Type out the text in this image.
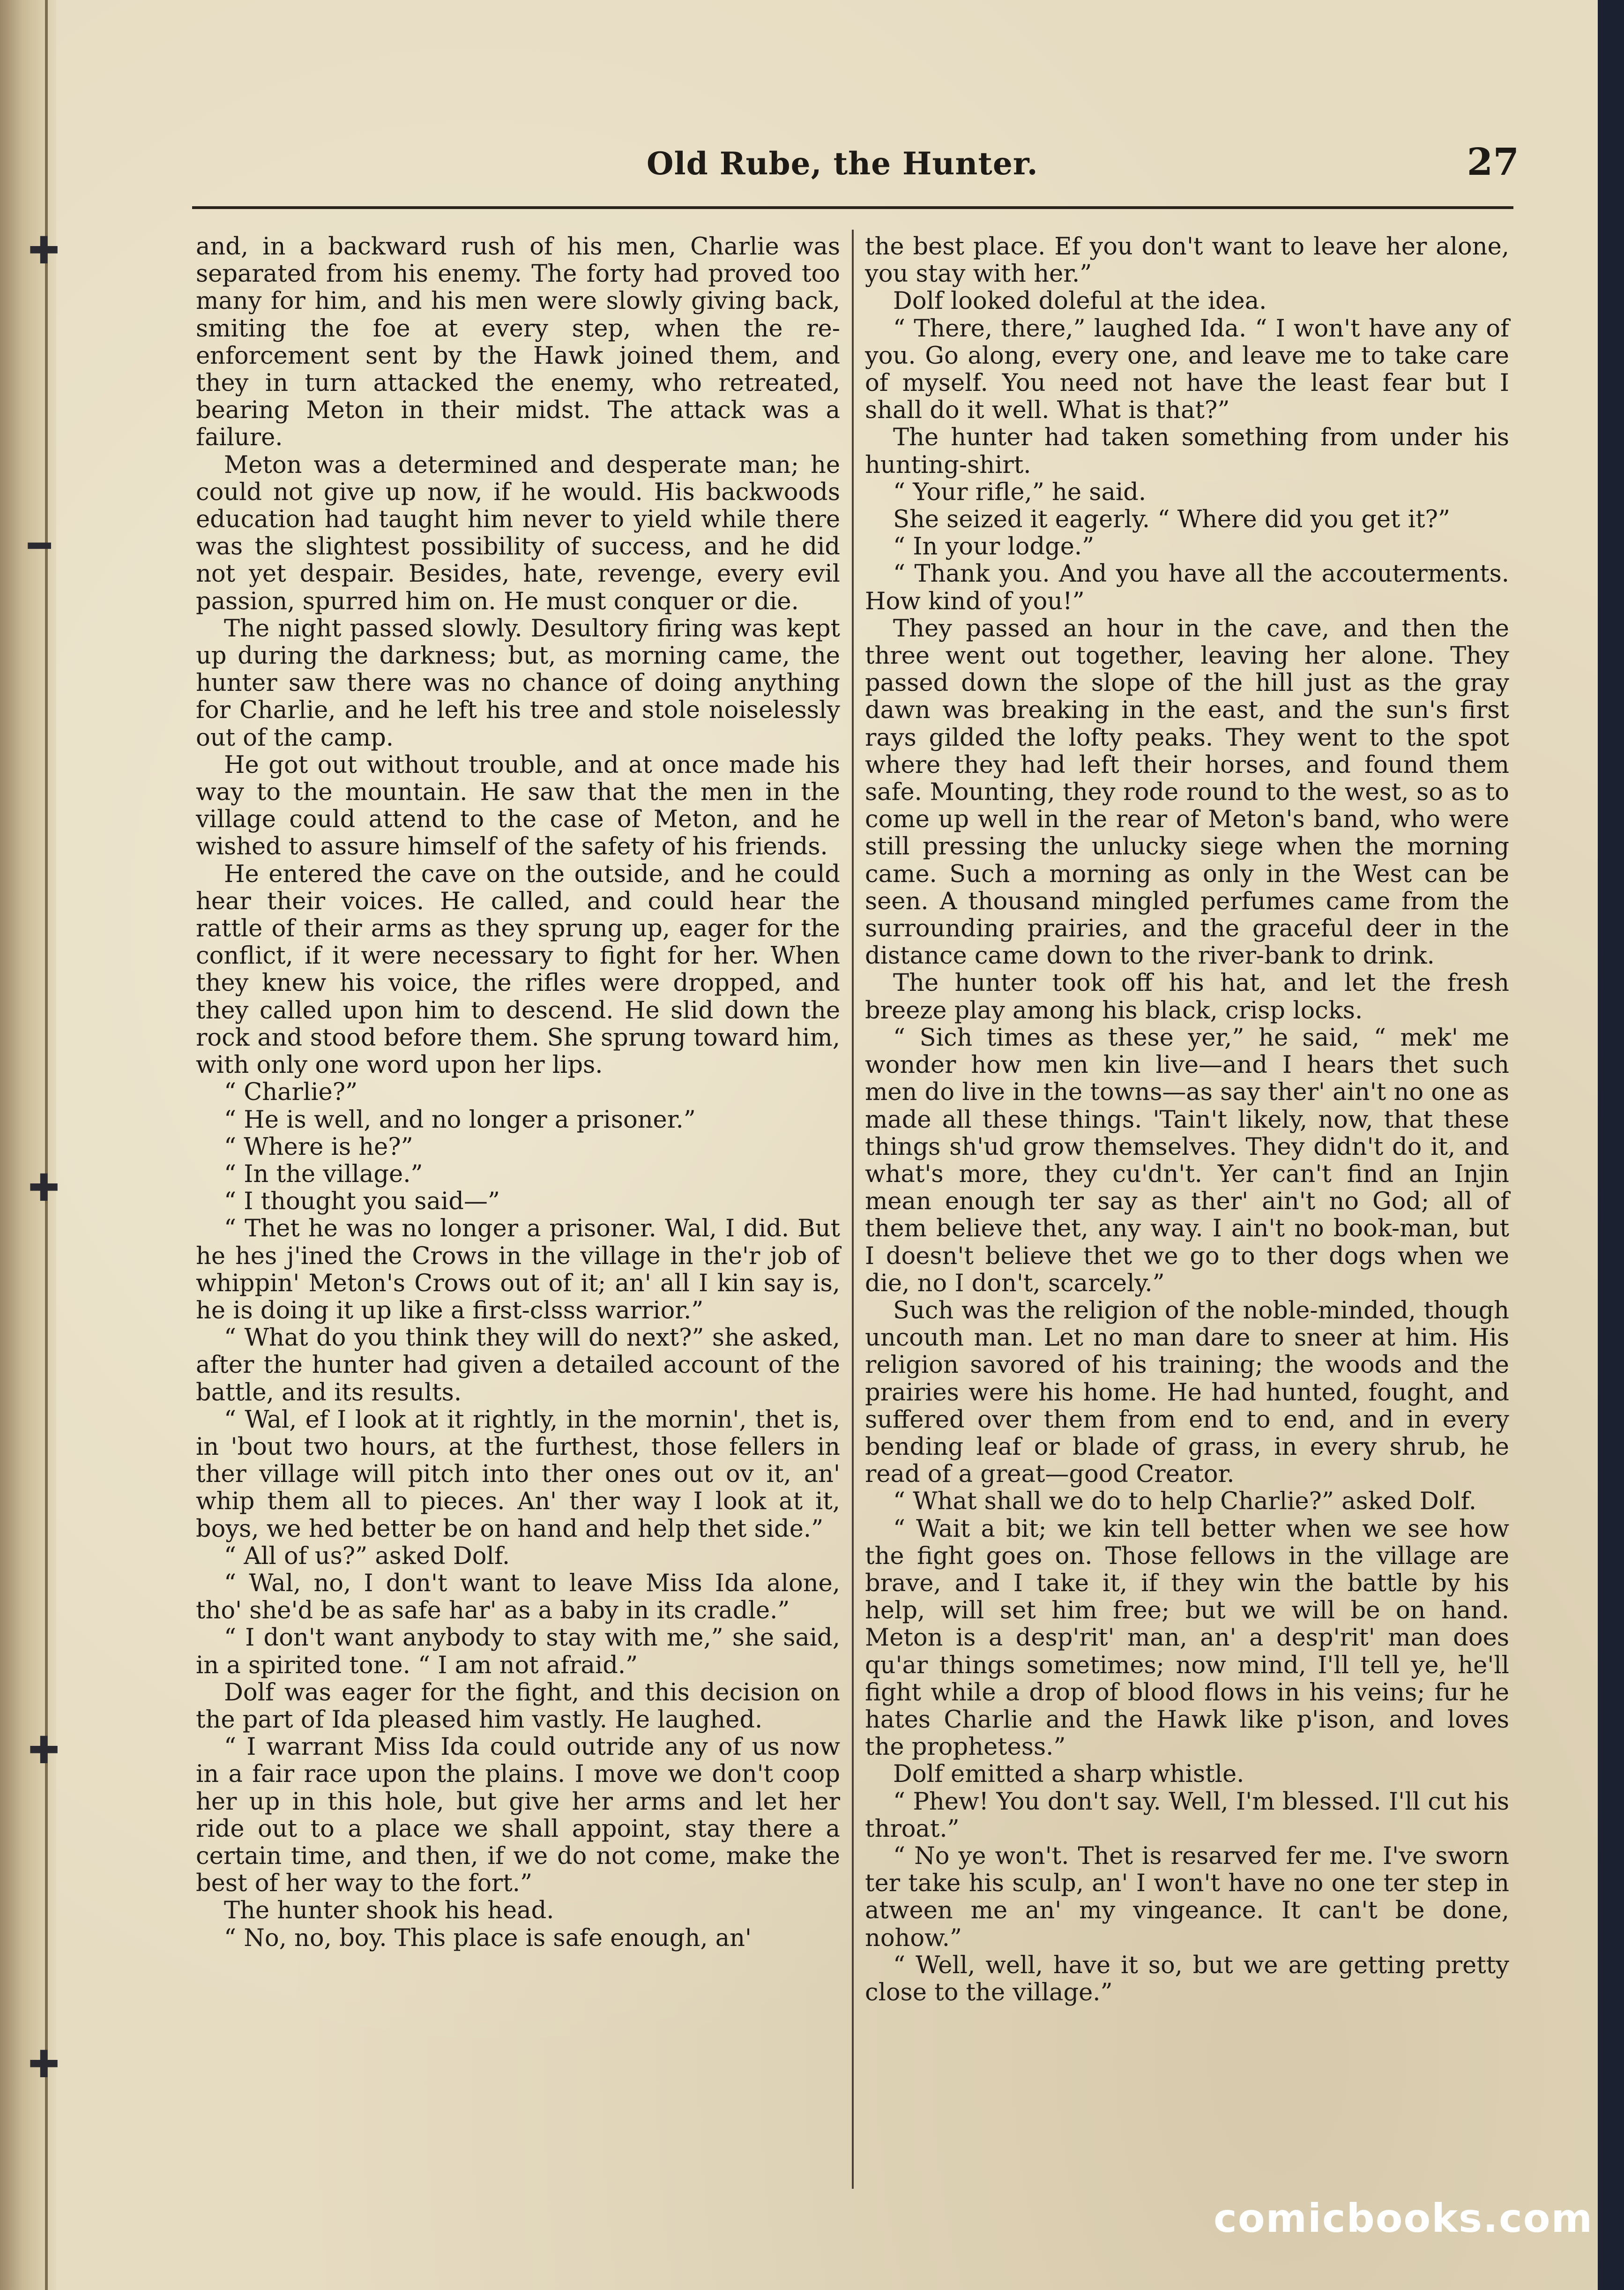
✚
━
✚
✚
✚
Old Rube, the Hunter.	27

and, in a backward rush of his men, Charlie was separated from his enemy. The forty had proved too many for him, and his men were slowly giving back, smiting the foe at every step, when the re-enforcement sent by the Hawk joined them, and they in turn attacked the enemy, who retreated, bearing Meton in their midst. The attack was a failure.

Meton was a determined and desperate man; he could not give up now, if he would. His backwoods education had taught him never to yield while there was the slightest possibility of success, and he did not yet despair. Besides, hate, revenge, every evil passion, spurred him on. He must conquer or die.

The night passed slowly. Desultory firing was kept up during the darkness; but, as morning came, the hunter saw there was no chance of doing anything for Charlie, and he left his tree and stole noiselessly out of the camp.

He got out without trouble, and at once made his way to the mountain. He saw that the men in the village could attend to the case of Meton, and he wished to assure himself of the safety of his friends.

He entered the cave on the outside, and he could hear their voices. He called, and could hear the rattle of their arms as they sprung up, eager for the conflict, if it were necessary to fight for her. When they knew his voice, the rifles were dropped, and they called upon him to descend. He slid down the rock and stood before them. She sprung toward him, with only one word upon her lips.

“ Charlie?”

“ He is well, and no longer a prisoner.”

“ Where is he?”

“ In the village.”

“ I thought you said—”

“ Thet he was no longer a prisoner. Wal, I did. But he hes j'ined the Crows in the village in the'r job of whippin' Meton's Crows out of it; an' all I kin say is, he is doing it up like a first-clsss warrior.”

“ What do you think they will do next?” she asked, after the hunter had given a detailed account of the battle, and its results.

“ Wal, ef I look at it rightly, in the mornin', thet is, in 'bout two hours, at the furthest, those fellers in ther village will pitch into ther ones out ov it, an' whip them all to pieces. An' ther way I look at it, boys, we hed better be on hand and help thet side.”

“ All of us?” asked Dolf.

“ Wal, no, I don't want to leave Miss Ida alone, tho' she'd be as safe har' as a baby in its cradle.”

“ I don't want anybody to stay with me,” she said, in a spirited tone. “ I am not afraid.”

Dolf was eager for the fight, and this decision on the part of Ida pleased him vastly. He laughed.

“ I warrant Miss Ida could outride any of us now in a fair race upon the plains. I move we don't coop her up in this hole, but give her arms and let her ride out to a place we shall appoint, stay there a certain time, and then, if we do not come, make the best of her way to the fort.”

The hunter shook his head.

“ No, no, boy. This place is safe enough, an'

the best place. Ef you don't want to leave her alone, you stay with her.”

Dolf looked doleful at the idea.

“ There, there,” laughed Ida. “ I won't have any of you. Go along, every one, and leave me to take care of myself. You need not have the least fear but I shall do it well. What is that?”

The hunter had taken something from under his hunting-shirt.

“ Your rifle,” he said.

She seized it eagerly. “ Where did you get it?”

“ In your lodge.”

“ Thank you. And you have all the accouterments. How kind of you!”

They passed an hour in the cave, and then the three went out together, leaving her alone. They passed down the slope of the hill just as the gray dawn was breaking in the east, and the sun's first rays gilded the lofty peaks. They went to the spot where they had left their horses, and found them safe. Mounting, they rode round to the west, so as to come up well in the rear of Meton's band, who were still pressing the unlucky siege when the morning came. Such a morning as only in the West can be seen. A thousand mingled perfumes came from the surrounding prairies, and the graceful deer in the distance came down to the river-bank to drink.

The hunter took off his hat, and let the fresh breeze play among his black, crisp locks.

“ Sich times as these yer,” he said, “ mek' me wonder how men kin live—and I hears thet such men do live in the towns—as say ther' ain't no one as made all these things. 'Tain't likely, now, that these things sh'ud grow themselves. They didn't do it, and what's more, they cu'dn't. Yer can't find an Injin mean enough ter say as ther' ain't no God; all of them believe thet, any way. I ain't no book-man, but I doesn't believe thet we go to ther dogs when we die, no I don't, scarcely.”

Such was the religion of the noble-minded, though uncouth man. Let no man dare to sneer at him. His religion savored of his training; the woods and the prairies were his home. He had hunted, fought, and suffered over them from end to end, and in every bending leaf or blade of grass, in every shrub, he read of a great—good Creator.

“ What shall we do to help Charlie?” asked Dolf.

“ Wait a bit; we kin tell better when we see how the fight goes on. Those fellows in the village are brave, and I take it, if they win the battle by his help, will set him free; but we will be on hand. Meton is a desp'rit' man, an' a desp'rit' man does qu'ar things sometimes; now mind, I'll tell ye, he'll fight while a drop of blood flows in his veins; fur he hates Charlie and the Hawk like p'ison, and loves the prophetess.”

Dolf emitted a sharp whistle.

“ Phew! You don't say. Well, I'm blessed. I'll cut his throat.”

“ No ye won't. Thet is resarved fer me. I've sworn ter take his sculp, an' I won't have no one ter step in atween me an' my vingeance. It can't be done, nohow.”

“ Well, well, have it so, but we are getting pretty close to the village.”

comicbooks.com
